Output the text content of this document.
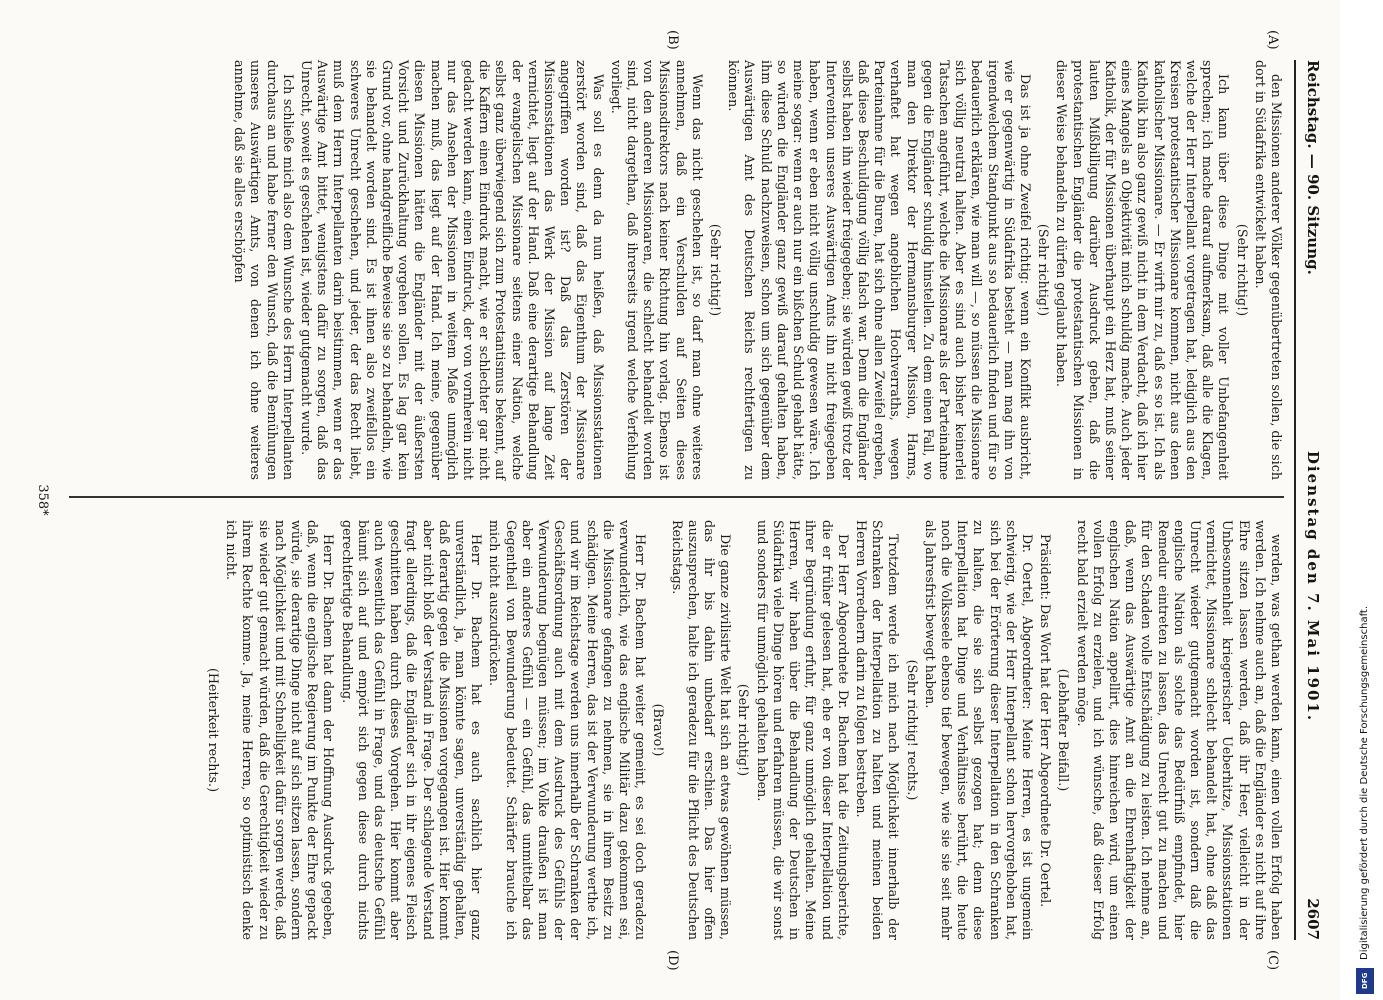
Reichstag. — 90. Sitzung.
Dienstag den 7. Mai 1901.
2607
(A)
(B)
(C)
(D)

den Missionen anderer Völker gegenübertreten sollen, die sich dort in Südafrika entwickelt haben.

(Sehr richtig!)

Ich kann über diese Dinge mit voller Unbefangenheit sprechen; ich mache darauf aufmerksam, daß alle die Klagen, welche der Herr Interpellant vorgetragen hat, lediglich aus den Kreisen protestantischer Missionare kommen, nicht aus denen katholischer Missionare. — Er wirft mir zu, daß es so ist. Ich als Katholik bin also ganz gewiß nicht in dem Verdacht, daß ich hier eines Mangels an Objektivität mich schuldig mache. Auch jeder Katholik, der für Missionen überhaupt ein Herz hat, muß seiner lauten Mißbilligung darüber Ausdruck geben, daß die protestantischen Engländer die protestantischen Missionen in dieser Weise behandeln zu dürfen geglaubt haben.

(Sehr richtig!)

Das ist ja ohne Zweifel richtig: wenn ein Konflikt ausbricht, wie er gegenwärtig in Südafrika besteht — man mag ihn von irgendwelchem Standpunkt aus so bedauerlich finden und für so bedauerlich erklären, wie man will —, so müssen die Missionare sich völlig neutral halten. Aber es sind auch bisher keinerlei Tatsachen angeführt, welche die Missionare als der Parteinahme gegen die Engländer schuldig hinstellen. Zu dem einen Fall, wo man den Direktor der Hermannsburger Mission, Harms, verhaftet hat wegen angeblichen Hochverraths, wegen Parteinahme für die Buren, hat sich ohne allen Zweifel ergeben, daß diese Beschuldigung völlig falsch war. Denn die Engländer selbst haben ihn wieder freigegeben; sie würden gewiß trotz der Intervention unseres Auswärtigen Amts ihn nicht freigegeben haben, wenn er eben nicht völlig unschuldig gewesen wäre. Ich meine sogar: wenn er auch nur ein bißchen Schuld gehabt hätte, so würden die Engländer ganz gewiß darauf gehalten haben, ihm diese Schuld nachzuweisen, schon um sich gegenüber dem Auswärtigen Amt des Deutschen Reichs rechtfertigen zu können.

(Sehr richtig!)

Wenn das nicht geschehen ist, so darf man ohne weiteres annehmen, daß ein Verschulden auf Seiten dieses Missionsdirektors nach keiner Richtung hin vorlag. Ebenso ist von den anderen Missionaren, die schlecht behandelt worden sind, nicht dargethan, daß ihrerseits irgend welche Verfehlung vorliegt.

Was soll es denn da nun heißen, daß Missionsstationen zerstört worden sind, daß das Eigenthum der Missionare angegriffen worden ist? Daß das Zerstören der Missionsstationen das Werk der Mission auf lange Zeit vernichtet, liegt auf der Hand. Daß eine derartige Behandlung der evangelischen Missionare seitens einer Nation, welche selbst ganz überwiegend sich zum Protestantismus bekennt, auf die Kaffern einen Eindruck macht, wie er schlechter gar nicht gedacht werden kann, einen Eindruck, der von vornherein nicht nur das Ansehen der Missionen in weitem Maße unmöglich machen muß, das liegt auf der Hand. Ich meine, gegenüber diesen Missionen hätten die Engländer mit der äußersten Vorsicht und Zurückhaltung vorgehen sollen. Es lag gar kein Grund vor, ohne handgreifliche Beweise sie so zu behandeln, wie sie behandelt worden sind. Es ist ihnen also zweifellos ein schweres Unrecht geschehen, und jeder, der das Recht liebt, muß dem Herrn Interpellanten darin beistimmen, wenn er das Auswärtige Amt bittet, wenigstens dafür zu sorgen, daß das Unrecht, soweit es geschehen ist, wieder gutgemacht wurde.

Ich schließe mich also dem Wunsche des Herrn Interpellanten durchaus an und habe ferner den Wunsch, daß die Bemühungen unseres Auswärtigen Amts, von denen ich ohne weiteres annehme, daß sie alles erschöpfen

werden, was gethan werden kann, einen vollen Erfolg haben werden. Ich nehme auch an, daß die Engländer es nicht auf ihre Ehre sitzen lassen werden, daß ihr Heer, vielleicht in der Unbesonnenheit kriegerischer Ueberhitze, Missionsstationen vernichtet, Missionare schlecht behandelt hat, ohne daß das Unrecht wieder gutgemacht worden ist, sondern daß die englische Nation als solche das Bedürfniß empfindet, hier Remedur eintreten zu lassen, das Unrecht gut zu machen und für den Schaden volle Entschädigung zu leisten. Ich nehme an, daß, wenn das Auswärtige Amt an die Ehrenhaftigkeit der englischen Nation appellirt, dies hinreichen wird, um einen vollen Erfolg zu erzielen, und ich wünsche, daß dieser Erfolg recht bald erzielt werden möge.

(Lebhafter Beifall.)

Präsident: Das Wort hat der Herr Abgeordnete Dr. Oertel.

Dr. Oertel, Abgeordneter: Meine Herren, es ist ungemein schwierig, wie der Herr Interpellant schon hervorgehoben hat, sich bei der Erörterung dieser Interpellation in den Schranken zu halten, die sie sich selbst gezogen hat; denn diese Interpellation hat Dinge und Verhältnisse berührt, die heute noch die Volksseele ebenso tief bewegen, wie sie sie seit mehr als Jahresfrist bewegt haben.

(Sehr richtig! rechts.)

Trotzdem werde ich mich nach Möglichkeit innerhalb der Schranken der Interpellation zu halten und meinen beiden Herren Vorrednern darin zu folgen bestreben.

Der Herr Abgeordnete Dr. Bachem hat die Zeitungsberichte, die er früher gelesen hat, ehe er von dieser Interpellation und ihrer Begründung erfuhr, für ganz unmöglich gehalten. Meine Herren, wir haben über die Behandlung der Deutschen in Südafrika viele Dinge hören und erfahren müssen, die wir sonst und sonders für unmöglich gehalten haben.

(Sehr richtig!)

Die ganze zivilisirte Welt hat sich an etwas gewöhnen müssen, das ihr bis dahin unbedarf erschien. Das hier offen auszusprechen, halte ich geradezu für die Pflicht des Deutschen Reichstags.

(Bravo!)

Herr Dr. Bachem hat weiter gemeint, es sei doch geradezu verwunderlich, wie das englische Militär dazu gekommen sei, die Missionare gefangen zu nehmen, sie in ihrem Besitz zu schädigen. Meine Herren, das ist der Verwunderung werthe ich, und wir im Reichstage werden uns innerhalb der Schranken der Geschäftsordnung auch mit dem Ausdruck des Gefühls der Verwunderung begnügen müssen; im Volke draußen ist man aber ein anderes Gefühl — ein Gefühl, das unmittelbar das Gegentheil von Bewunderung bedeutet. Schärfer brauche ich mich nicht auszudrücken.

Herr Dr. Bachem hat es auch sachlich hier ganz unverständlich, ja, man könnte sagen, unverständig gehalten, daß derartig gegen die Missionen vorgegangen ist. Hier kommt aber nicht bloß der Verstand in Frage. Der schlagende Verstand fragt allerdings, daß die Engländer sich in ihr eigenes Fleisch geschnitten haben durch dieses Vorgehen. Hier kommt aber auch wesentlich das Gefühl in Frage, und das deutsche Gefühl bäumt sich auf und empört sich gegen diese durch nichts gerechtfertigte Behandlung.

Herr Dr. Bachem hat dann der Hoffnung Ausdruck gegeben, daß, wenn die englische Regierung im Punkte der Ehre gepackt würde, sie derartige Dinge nicht auf sich sitzen lassen, sondern nach Möglichkeit und mit Schnelligkeit dafür sorgen werde, daß sie wieder gut gemacht würden, daß die Gerechtigkeit wieder zu ihrem Rechte komme. Ja, meine Herren, so optimistisch denke ich nicht.

(Heiterkeit rechts.)

358*
Digitalisierung gefördert durch die Deutsche Forschungsgemeinschaft.
DFG
